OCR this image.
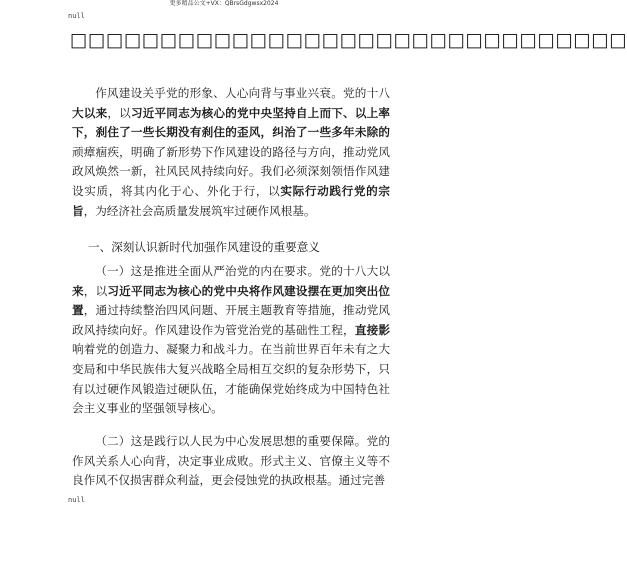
更多精品公文+VX：QBrsGdgwsx2024
null
□□□□□□□□□□□□□□□□□□□□□□□□□□□□□□□
作风建设关乎党的形象、人心向背与事业兴衰。党的十八大以来，以习近平同志为核心的党中央坚持自上而下、以上率下，刹住了一些长期没有刹住的歪风，纠治了一些多年未除的顽瘴痼疾，明确了新形势下作风建设的路径与方向，推动党风政风焕然一新，社风民风持续向好。我们必须深刻领悟作风建设实质，将其内化于心、外化于行，以实际行动践行党的宗旨，为经济社会高质量发展筑牢过硬作风根基。
一、深刻认识新时代加强作风建设的重要意义
（一）这是推进全面从严治党的内在要求。党的十八大以来，以习近平同志为核心的党中央将作风建设摆在更加突出位置，通过持续整治四风问题、开展主题教育等措施，推动党风政风持续向好。作风建设作为管党治党的基础性工程，直接影响着党的创造力、凝聚力和战斗力。在当前世界百年未有之大变局和中华民族伟大复兴战略全局相互交织的复杂形势下，只有以过硬作风锻造过硬队伍，才能确保党始终成为中国特色社会主义事业的坚强领导核心。
（二）这是践行以人民为中心发展思想的重要保障。党的作风关系人心向背，决定事业成败。形式主义、官僚主义等不良作风不仅损害群众利益，更会侵蚀党的执政根基。通过完善
null
